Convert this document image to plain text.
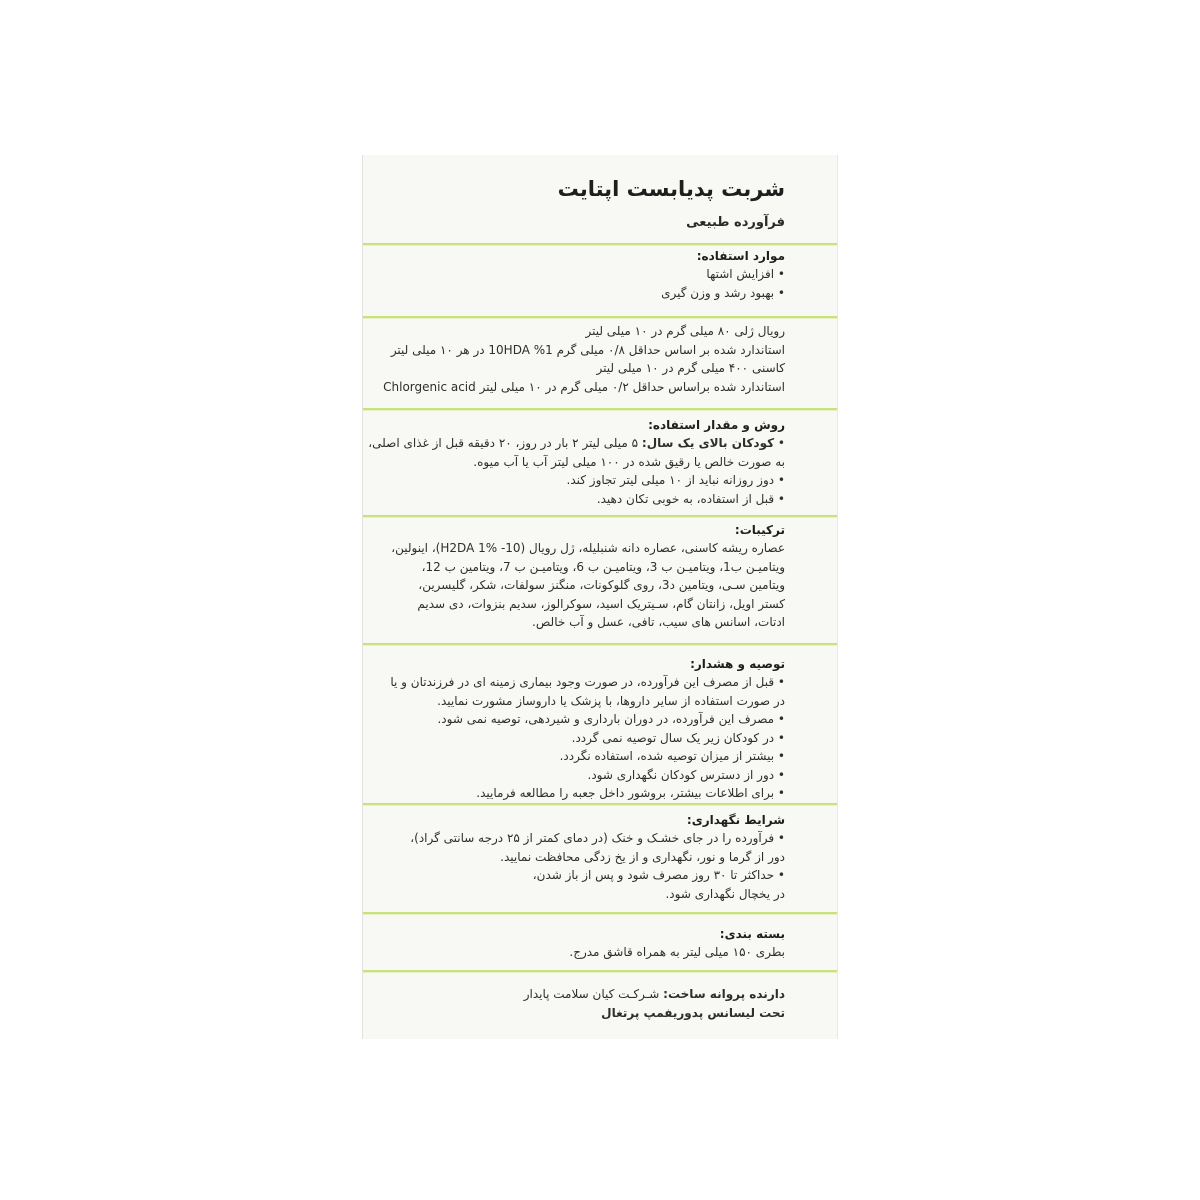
شربت پدیابست اپتایت
فرآورده طبیعی
موارد استفاده:
• افزایش اشتها
• بهبود رشد و وزن گیری
رویال ژلی ۸۰ میلی گرم در ۱۰ میلی لیتر
استاندارد شده بر اساس حداقل ۰/۸ میلی گرم 1% 10HDA در هر ۱۰ میلی لیتر
کاسنی ۴۰۰ میلی گرم در ۱۰ میلی لیتر
استاندارد شده براساس حداقل ۰/۲ میلی گرم در ۱۰ میلی لیتر Chlorgenic acid
روش و مقدار استفاده:
• کودکان بالای یک سال: ۵ میلی لیتر ۲ بار در روز، ۲۰ دقیقه قبل از غذای اصلی،
به صورت خالص یا رقیق شده در ۱۰۰ میلی لیتر آب یا آب میوه.
• دوز روزانه نباید از ۱۰ میلی لیتر تجاوز کند.
• قبل از استفاده، به خوبی تکان دهید.
ترکیبات:
عصاره ریشه کاسنی، عصاره دانه شنبلیله، ژل رویال (H2DA 1% -10)، اینولین،
ویتامیـن ب1، ویتامیـن ب 3، ویتامیـن ب 6، ویتامیـن ب 7، ویتامین ب 12،
ویتامین سـی، ویتامین د3، روی گلوکونات، منگنز سولفات، شکر، گلیسرین،
کستر اویل، زانتان گام، سـیتریک اسید، سوکرالوز، سدیم بنزوات، دی سدیم
ادتات، اسانس های سیب، تافی، عسل و آب خالص.
توصیه و هشدار:
• قبل از مصرف این فرآورده، در صورت وجود بیماری زمینه ای در فرزندتان و یا
در صورت استفاده از سایر داروها، با پزشک یا داروساز مشورت نمایید.
• مصرف این فرآورده، در دوران بارداری و شیردهی، توصیه نمی شود.
• در کودکان زیر یک سال توصیه نمی گردد.
• بیشتر از میزان توصیه شده، استفاده نگردد.
• دور از دسترس کودکان نگهداری شود.
• برای اطلاعات بیشتر، بروشور داخل جعبه را مطالعه فرمایید.
شرایط نگهداری:
• فرآورده را در جای خشـک و خنک (در دمای کمتر از ۲۵ درجه سانتی گراد)،
دور از گرما و نور، نگهداری و از یخ زدگی محافظت نمایید.
• حداکثر تا ۳۰ روز مصرف شود و پس از باز شدن،
در یخچال نگهداری شود.
بسته بندی:
بطری ۱۵۰ میلی لیتر به همراه قاشق مدرج.
دارنده پروانه ساخت: شـرکـت کیان سلامت پایدار
تحت لیسانس پدوریفمپ پرتغال
